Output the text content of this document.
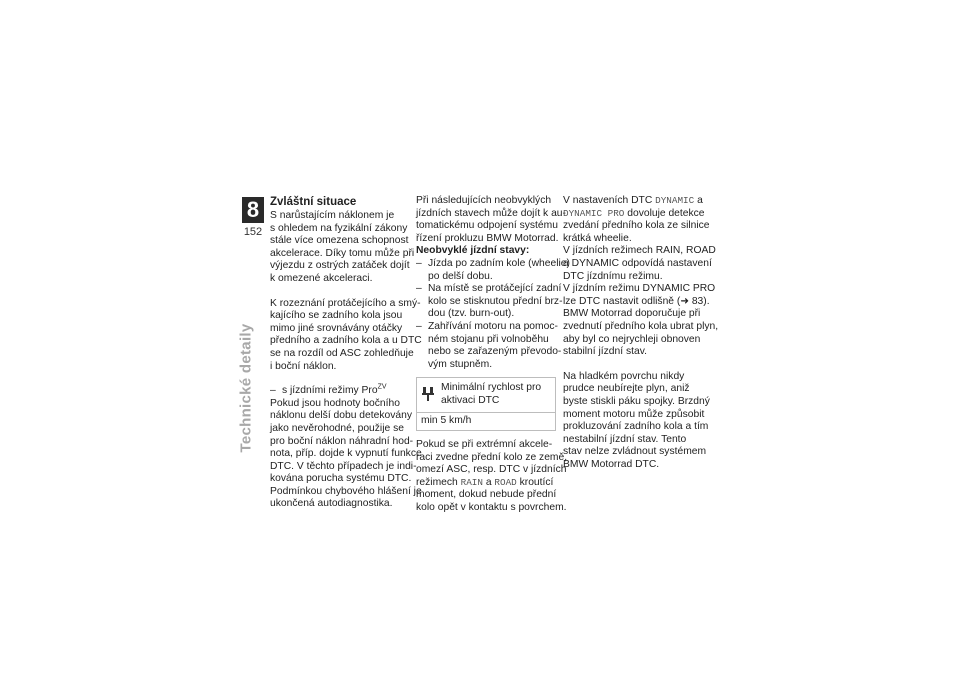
8
152
Technické detaily
Zvláštní situace
S narůstajícím náklonem je
s ohledem na fyzikální zákony
stále více omezena schopnost
akcelerace. Díky tomu může při
výjezdu z ostrých zatáček dojít
k omezené akceleraci.
K rozeznání protáčejícího a smý-
kajícího se zadního kola jsou
mimo jiné srovnávány otáčky
předního a zadního kola a u DTC
se na rozdíl od ASC zohledňuje
i boční náklon.
– s jízdními režimy Pro$^{ZV}$
Pokud jsou hodnoty bočního
náklonu delší dobu detekovány
jako nevěrohodné, použije se
pro boční náklon náhradní hod-
nota, příp. dojde k vypnutí funkce
DTC. V těchto případech je indi-
kována porucha systému DTC.
Podmínkou chybového hlášení je
ukončená autodiagnostika.
Při následujících neobvyklých
jízdních stavech může dojít k au-
tomatickému odpojení systému
řízení prokluzu BMW Motorrad.
Neobvyklé jízdní stavy:
– Jízda po zadním kole (wheelie)
po delší dobu.
– Na místě se protáčející zadní
kolo se stisknutou přední brz-
dou (tzv. burn-out).
– Zahřívání motoru na pomoc-
ném stojanu při volnoběhu
nebo se zařazeným převodo-
vým stupněm.
Minimální rychlost pro
aktivaci DTC
min 5 km/h
Pokud se při extrémní akcele-
raci zvedne přední kolo ze země,
omezí ASC, resp. DTC v jízdních
režimech RAIN a ROAD kroutící
moment, dokud nebude přední
kolo opět v kontaktu s povrchem.
V nastaveních DTC DYNAMIC a
DYNAMIC PRO dovoluje detekce
zvedání předního kola ze silnice
krátká wheelie.
V jízdních režimech RAIN, ROAD
a DYNAMIC odpovídá nastavení
DTC jízdnímu režimu.
V jízdním režimu DYNAMIC PRO
lze DTC nastavit odlišně (➜ 83).
BMW Motorrad doporučuje při
zvednutí předního kola ubrat plyn,
aby byl co nejrychleji obnoven
stabilní jízdní stav.
Na hladkém povrchu nikdy
prudce neubírejte plyn, aniž
byste stiskli páku spojky. Brzdný
moment motoru může způsobit
prokluzování zadního kola a tím
nestabilní jízdní stav. Tento
stav nelze zvládnout systémem
BMW Motorrad DTC.
